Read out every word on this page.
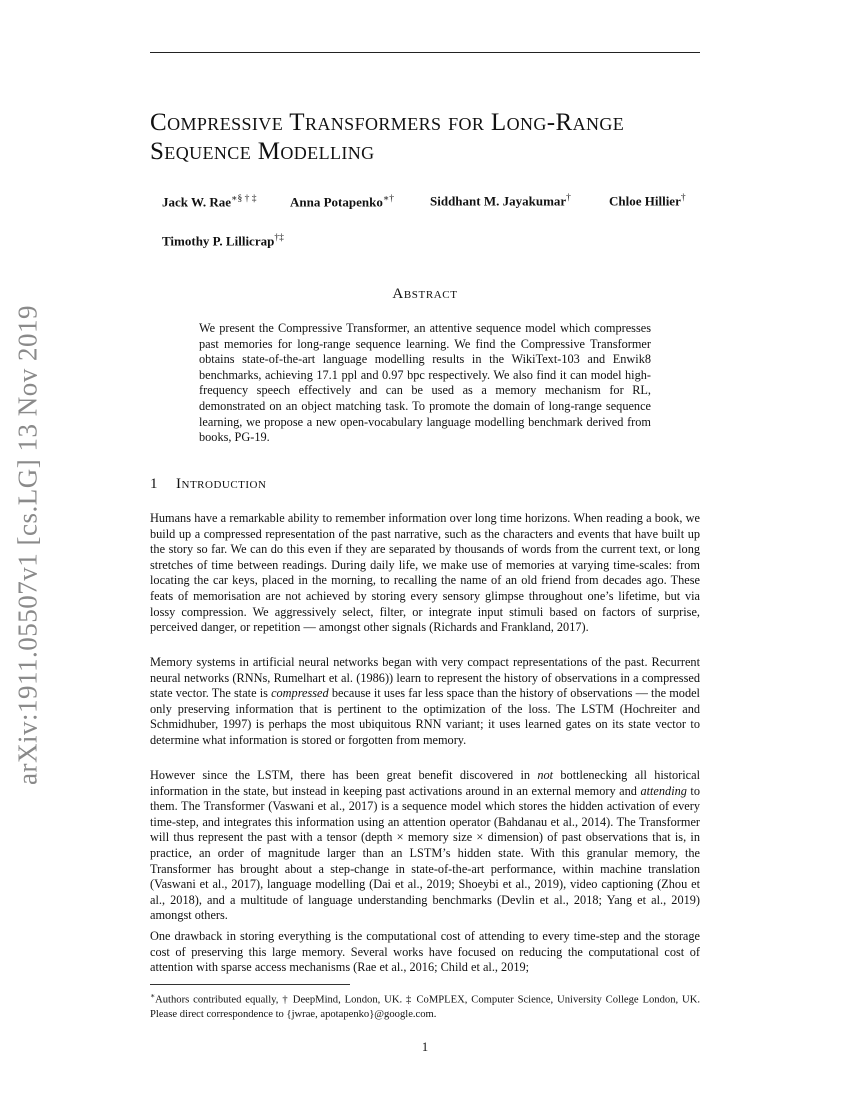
arXiv:1911.05507v1 [cs.LG] 13 Nov 2019
Compressive Transformers for Long-Range Sequence Modelling
Jack W. Rae∗§ † ‡	Anna Potapenko∗†	Siddhant M. Jayakumar†	Chloe Hillier†
Timothy P. Lillicrap†‡
Abstract

We present the Compressive Transformer, an attentive sequence model which compresses past memories for long-range sequence learning. We find the Compressive Transformer obtains state-of-the-art language modelling results in the WikiText-103 and Enwik8 benchmarks, achieving 17.1 ppl and 0.97 bpc respectively. We also find it can model high-frequency speech effectively and can be used as a memory mechanism for RL, demonstrated on an object matching task. To promote the domain of long-range sequence learning, we propose a new open-vocabulary language modelling benchmark derived from books, PG-19.

1 Introduction

Humans have a remarkable ability to remember information over long time horizons. When reading a book, we build up a compressed representation of the past narrative, such as the characters and events that have built up the story so far. We can do this even if they are separated by thousands of words from the current text, or long stretches of time between readings. During daily life, we make use of memories at varying time-scales: from locating the car keys, placed in the morning, to recalling the name of an old friend from decades ago. These feats of memorisation are not achieved by storing every sensory glimpse throughout one’s lifetime, but via lossy compression. We aggressively select, filter, or integrate input stimuli based on factors of surprise, perceived danger, or repetition — amongst other signals (Richards and Frankland, 2017).

Memory systems in artificial neural networks began with very compact representations of the past. Recurrent neural networks (RNNs, Rumelhart et al. (1986)) learn to represent the history of observations in a compressed state vector. The state is compressed because it uses far less space than the history of observations — the model only preserving information that is pertinent to the optimization of the loss. The LSTM (Hochreiter and Schmidhuber, 1997) is perhaps the most ubiquitous RNN variant; it uses learned gates on its state vector to determine what information is stored or forgotten from memory.

However since the LSTM, there has been great benefit discovered in not bottlenecking all historical information in the state, but instead in keeping past activations around in an external memory and attending to them. The Transformer (Vaswani et al., 2017) is a sequence model which stores the hidden activation of every time-step, and integrates this information using an attention operator (Bahdanau et al., 2014). The Transformer will thus represent the past with a tensor (depth × memory size × dimension) of past observations that is, in practice, an order of magnitude larger than an LSTM’s hidden state. With this granular memory, the Transformer has brought about a step-change in state-of-the-art performance, within machine translation (Vaswani et al., 2017), language modelling (Dai et al., 2019; Shoeybi et al., 2019), video captioning (Zhou et al., 2018), and a multitude of language understanding benchmarks (Devlin et al., 2018; Yang et al., 2019) amongst others.

One drawback in storing everything is the computational cost of attending to every time-step and the storage cost of preserving this large memory. Several works have focused on reducing the computational cost of attention with sparse access mechanisms (Rae et al., 2016; Child et al., 2019;

∗Authors contributed equally, † DeepMind, London, UK. ‡ CoMPLEX, Computer Science, University College London, UK. Please direct correspondence to {jwrae, apotapenko}@google.com.

1
